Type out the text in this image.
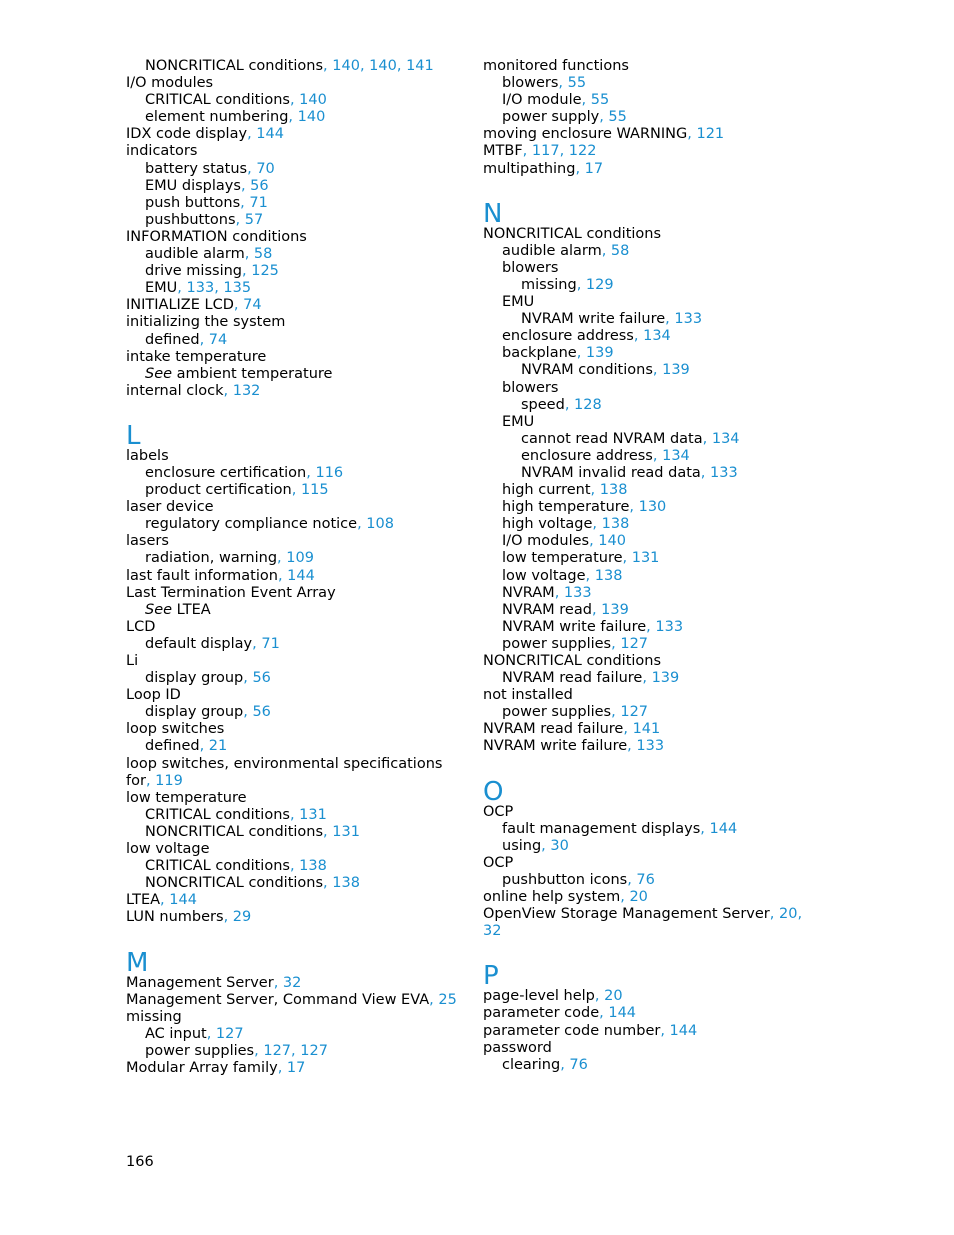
NONCRITICAL conditions, 140, 140, 141
I/O modules
CRITICAL conditions, 140
element numbering, 140
IDX code display, 144
indicators
battery status, 70
EMU displays, 56
push buttons, 71
pushbuttons, 57
INFORMATION conditions
audible alarm, 58
drive missing, 125
EMU, 133, 135
INITIALIZE LCD, 74
initializing the system
defined, 74
intake temperature
See ambient temperature
internal clock, 132
L
labels
enclosure certification, 116
product certification, 115
laser device
regulatory compliance notice, 108
lasers
radiation, warning, 109
last fault information, 144
Last Termination Event Array
See LTEA
LCD
default display, 71
Li
display group, 56
Loop ID
display group, 56
loop switches
defined, 21
loop switches, environmental specifications for, 119
low temperature
CRITICAL conditions, 131
NONCRITICAL conditions, 131
low voltage
CRITICAL conditions, 138
NONCRITICAL conditions, 138
LTEA, 144
LUN numbers, 29
M
Management Server, 32
Management Server, Command View EVA, 25
missing
AC input, 127
power supplies, 127, 127
Modular Array family, 17
monitored functions
blowers, 55
I/O module, 55
power supply, 55
moving enclosure WARNING, 121
MTBF, 117, 122
multipathing, 17
N
NONCRITICAL conditions
audible alarm, 58
blowers
missing, 129
EMU
NVRAM write failure, 133
enclosure address, 134
backplane, 139
NVRAM conditions, 139
blowers
speed, 128
EMU
cannot read NVRAM data, 134
enclosure address, 134
NVRAM invalid read data, 133
high current, 138
high temperature, 130
high voltage, 138
I/O modules, 140
low temperature, 131
low voltage, 138
NVRAM, 133
NVRAM read, 139
NVRAM write failure, 133
power supplies, 127
NONCRITICAL conditions
NVRAM read failure, 139
not installed
power supplies, 127
NVRAM read failure, 141
NVRAM write failure, 133
O
OCP
fault management displays, 144
using, 30
OCP
pushbutton icons, 76
online help system, 20
OpenView Storage Management Server, 20, 32
P
page-level help, 20
parameter code, 144
parameter code number, 144
password
clearing, 76
166
